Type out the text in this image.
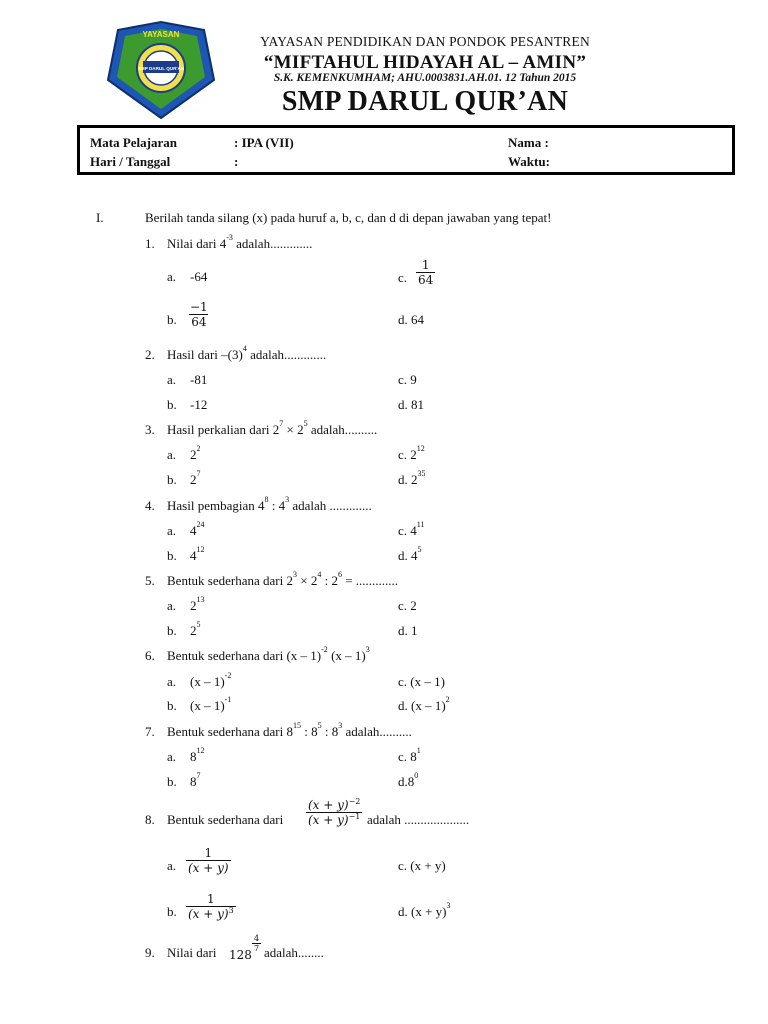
YAYASAN
SMP DARUL QUR'AN
YAYASAN PENDIDIKAN DAN PONDOK PESANTREN
“MIFTAHUL HIDAYAH AL – AMIN”
S.K. KEMENKUMHAM; AHU.0003831.AH.01. 12 Tahun 2015
SMP DARUL QUR’AN
Mata Pelajaran	: IPA (VII)
Hari / Tanggal	:
Nama :
Waktu:
I.	Berilah tanda silang (x) pada huruf a, b, c, dan d di depan jawaban yang tepat!
1. Nilai dari $4^{-3}$ adalah.............
a. -64
b. $\frac{-1}{64}$
c. $\frac{1}{64}$
d. 64
2. Hasil dari $-(3)^4$ adalah.............
a. -81
b. -12
c. 9
d. 81
3. Hasil perkalian dari $2^7 \times 2^5$ adalah..........
a. $2^2$
b. $2^7$
c. $2^{12}$
d. $2^{35}$
4. Hasil pembagian $4^8$ : $4^3$ adalah .............
a. $4^{24}$
b. $4^{12}$
c. $4^{11}$
d. $4^5$
5. Bentuk sederhana dari $2^3 \times 2^4$ : $2^6$ = .............
a. $2^{13}$
b. $2^5$
c. 2
d. 1
6. Bentuk sederhana dari (x – 1)$^{-2}$ (x – 1)$^3$
a. (x – 1)$^{-2}$
b. (x – 1)$^{-1}$
c. (x – 1)
d. (x – 1)$^2$
7. Bentuk sederhana dari $8^{15}$ : $8^5$ : $8^3$ adalah..........
a. $8^{12}$
b. $8^7$
c. $8^1$
$d.8^0$
8. Bentuk sederhana dari $\frac{(x + y)^{-2}}{(x + y)^{-1}}$ adalah ....................
a. $\frac{1}{(x + y)}$
b. $\frac{1}{(x + y)^3}$
c. (x + y)
d. $(x + y)^3$
9. Nilai dari 128
$\frac{4}{7}$ adalah........
